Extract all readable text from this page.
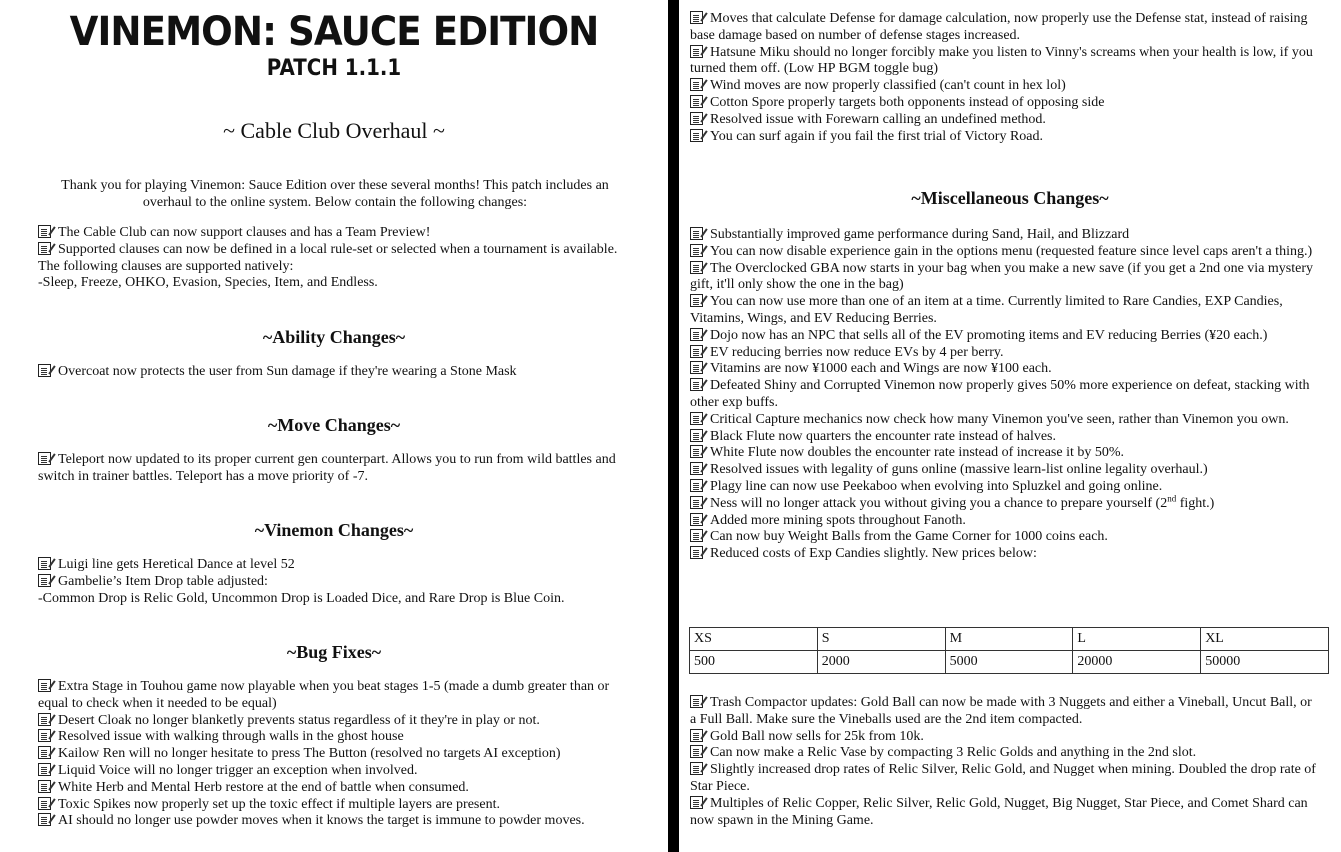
VINEMON: SAUCE EDITION
PATCH 1.1.1
~ Cable Club Overhaul ~
Thank you for playing Vinemon: Sauce Edition over these several months! This patch includes an overhaul to the online system. Below contain the following changes:
The Cable Club can now support clauses and has a Team Preview!
Supported clauses can now be defined in a local rule-set or selected when a tournament is available. The following clauses are supported natively:
-Sleep, Freeze, OHKO, Evasion, Species, Item, and Endless.
~Ability Changes~
Overcoat now protects the user from Sun damage if they're wearing a Stone Mask
~Move Changes~
Teleport now updated to its proper current gen counterpart. Allows you to run from wild battles and switch in trainer battles. Teleport has a move priority of -7.
~Vinemon Changes~
Luigi line gets Heretical Dance at level 52
Gambelie’s Item Drop table adjusted:
-Common Drop is Relic Gold, Uncommon Drop is Loaded Dice, and Rare Drop is Blue Coin.
~Bug Fixes~
Extra Stage in Touhou game now playable when you beat stages 1-5 (made a dumb greater than or equal to check when it needed to be equal)
Desert Cloak no longer blanketly prevents status regardless of it they're in play or not.
Resolved issue with walking through walls in the ghost house
Kailow Ren will no longer hesitate to press The Button (resolved no targets AI exception)
Liquid Voice will no longer trigger an exception when involved.
White Herb and Mental Herb restore at the end of battle when consumed.
Toxic Spikes now properly set up the toxic effect if multiple layers are present.
AI should no longer use powder moves when it knows the target is immune to powder moves.
Moves that calculate Defense for damage calculation, now properly use the Defense stat, instead of raising base damage based on number of defense stages increased.
Hatsune Miku should no longer forcibly make you listen to Vinny's screams when your health is low, if you turned them off. (Low HP BGM toggle bug)
Wind moves are now properly classified (can't count in hex lol)
Cotton Spore properly targets both opponents instead of opposing side
Resolved issue with Forewarn calling an undefined method.
You can surf again if you fail the first trial of Victory Road.
~Miscellaneous Changes~
Substantially improved game performance during Sand, Hail, and Blizzard
You can now disable experience gain in the options menu (requested feature since level caps aren't a thing.)
The Overclocked GBA now starts in your bag when you make a new save (if you get a 2nd one via mystery gift, it'll only show the one in the bag)
You can now use more than one of an item at a time. Currently limited to Rare Candies, EXP Candies, Vitamins, Wings, and EV Reducing Berries.
Dojo now has an NPC that sells all of the EV promoting items and EV reducing Berries (¥20 each.)
EV reducing berries now reduce EVs by 4 per berry.
Vitamins are now ¥1000 each and Wings are now ¥100 each.
Defeated Shiny and Corrupted Vinemon now properly gives 50% more experience on defeat, stacking with other exp buffs.
Critical Capture mechanics now check how many Vinemon you've seen, rather than Vinemon you own.
Black Flute now quarters the encounter rate instead of halves.
White Flute now doubles the encounter rate instead of increase it by 50%.
Resolved issues with legality of guns online (massive learn-list online legality overhaul.)
Plagy line can now use Peekaboo when evolving into Spluzkel and going online.
Ness will no longer attack you without giving you a chance to prepare yourself (2nd fight.)
Added more mining spots throughout Fanoth.
Can now buy Weight Balls from the Game Corner for 1000 coins each.
Reduced costs of Exp Candies slightly. New prices below:
XS	S	M	L	XL
500	2000	5000	20000	50000
Trash Compactor updates: Gold Ball can now be made with 3 Nuggets and either a Vineball, Uncut Ball, or a Full Ball. Make sure the Vineballs used are the 2nd item compacted.
Gold Ball now sells for 25k from 10k.
Can now make a Relic Vase by compacting 3 Relic Golds and anything in the 2nd slot.
Slightly increased drop rates of Relic Silver, Relic Gold, and Nugget when mining. Doubled the drop rate of Star Piece.
Multiples of Relic Copper, Relic Silver, Relic Gold, Nugget, Big Nugget, Star Piece, and Comet Shard can now spawn in the Mining Game.
